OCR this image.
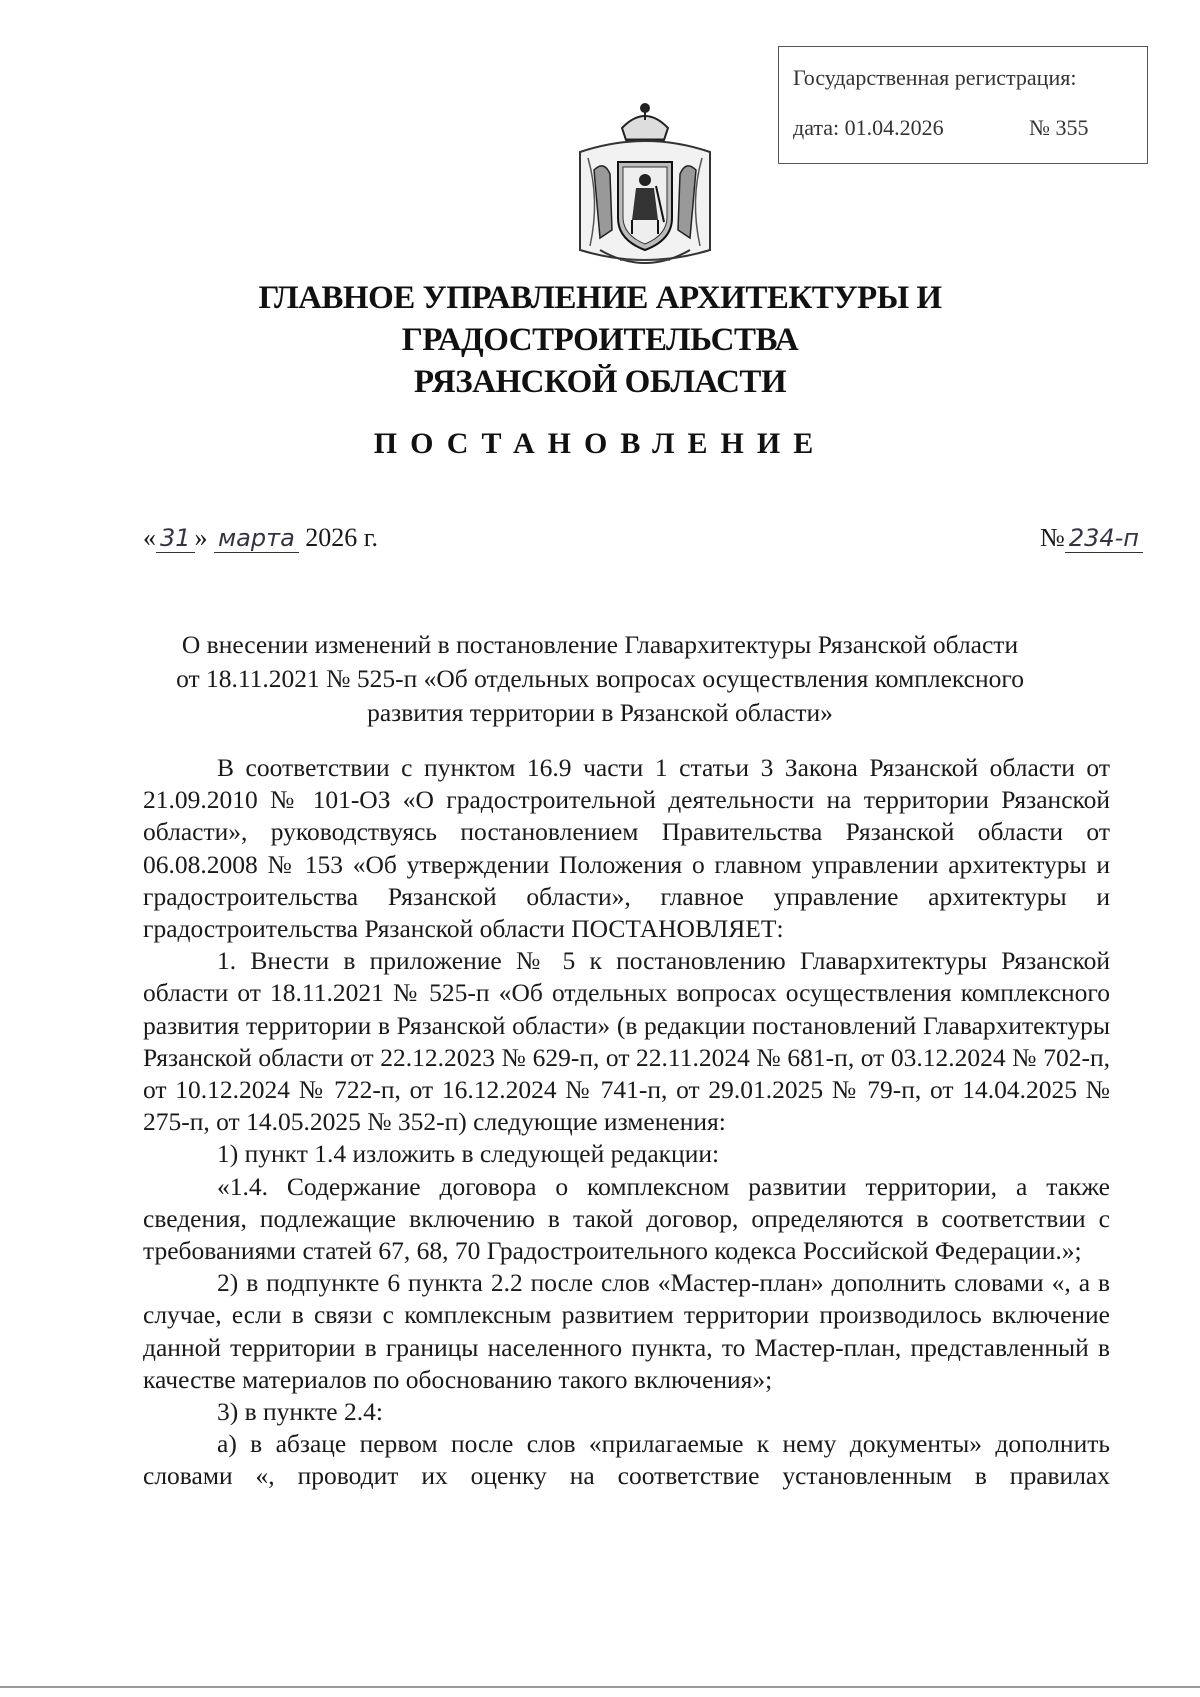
Государственная регистрация:
дата: 01.04.2026	№ 355
ГЛАВНОЕ УПРАВЛЕНИЕ АРХИТЕКТУРЫ И ГРАДОСТРОИТЕЛЬСТВА
РЯЗАНСКОЙ ОБЛАСТИ
ПОСТАНОВЛЕНИЕ
« 31 » марта 2026 г.	№ 234-п
О внесении изменений в постановление Главархитектуры Рязанской области
от 18.11.2021 № 525-п «Об отдельных вопросах осуществления комплексного
развития территории в Рязанской области»

В соответствии с пунктом 16.9 части 1 статьи 3 Закона Рязанской области от 21.09.2010 № 101-ОЗ «О градостроительной деятельности на территории Рязанской области», руководствуясь постановлением Правительства Рязанской области от 06.08.2008 № 153 «Об утверждении Положения о главном управлении архитектуры и градостроительства Рязанской области», главное управление архитектуры и градостроительства Рязанской области ПОСТАНОВЛЯЕТ:

1. Внести в приложение № 5 к постановлению Главархитектуры Рязанской области от 18.11.2021 № 525-п «Об отдельных вопросах осуществления комплексного развития территории в Рязанской области» (в редакции постановлений Главархитектуры Рязанской области от 22.12.2023 № 629-п, от 22.11.2024 № 681-п, от 03.12.2024 № 702-п, от 10.12.2024 № 722-п, от 16.12.2024 № 741-п, от 29.01.2025 № 79-п, от 14.04.2025 № 275-п, от 14.05.2025 № 352-п) следующие изменения:

1) пункт 1.4 изложить в следующей редакции:

«1.4. Содержание договора о комплексном развитии территории, а также сведения, подлежащие включению в такой договор, определяются в соответствии с требованиями статей 67, 68, 70 Градостроительного кодекса Российской Федерации.»;

2) в подпункте 6 пункта 2.2 после слов «Мастер-план» дополнить словами «, а в случае, если в связи с комплексным развитием территории производилось включение данной территории в границы населенного пункта, то Мастер-план, представленный в качестве материалов по обоснованию такого включения»;

3) в пункте 2.4:

а) в абзаце первом после слов «прилагаемые к нему документы» дополнить словами «, проводит их оценку на соответствие установленным в правилах
